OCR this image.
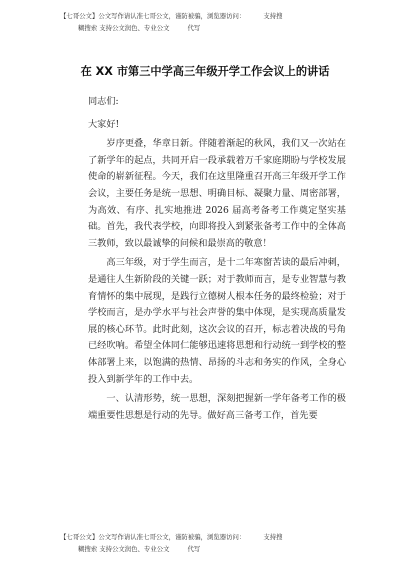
【七哥公文】公文写作请认准七哥公文，谨防被骗，浏览器访问：	支持搜
糊搜索 支持公文润色、专业公文	代写
在 XX 市第三中学高三年级开学工作会议上的讲话

同志们:

大家好!

岁序更叠，华章日新。伴随着渐起的秋风，我们又一次站在了新学年的起点，共同开启一段承载着万千家庭期盼与学校发展使命的崭新征程。今天，我们在这里隆重召开高三年级开学工作会议，主要任务是统一思想、明确目标、凝聚力量、周密部署，为高效、有序、扎实地推进 2026 届高考备考工作奠定坚实基础。首先，我代表学校，向即将投入到紧张备考工作中的全体高三教师，致以最诚挚的问候和最崇高的敬意！

高三年级，对于学生而言，是十二年寒窗苦读的最后冲刺，是通往人生新阶段的关键一跃；对于教师而言，是专业智慧与教育情怀的集中展现，是践行立德树人根本任务的最终检验；对于学校而言，是办学水平与社会声誉的集中体现，是实现高质量发展的核心环节。此时此刻，这次会议的召开，标志着决战的号角已经吹响。希望全体同仁能够迅速将思想和行动统一到学校的整体部署上来，以饱满的热情、昂扬的斗志和务实的作风，全身心投入到新学年的工作中去。

一、认清形势，统一思想，深刻把握新一学年备考工作的极端重要性思想是行动的先导。做好高三备考工作，首先要

【七哥公文】公文写作请认准七哥公文，谨防被骗，浏览器访问：	支持搜
糊搜索 支持公文润色、专业公文	代写
